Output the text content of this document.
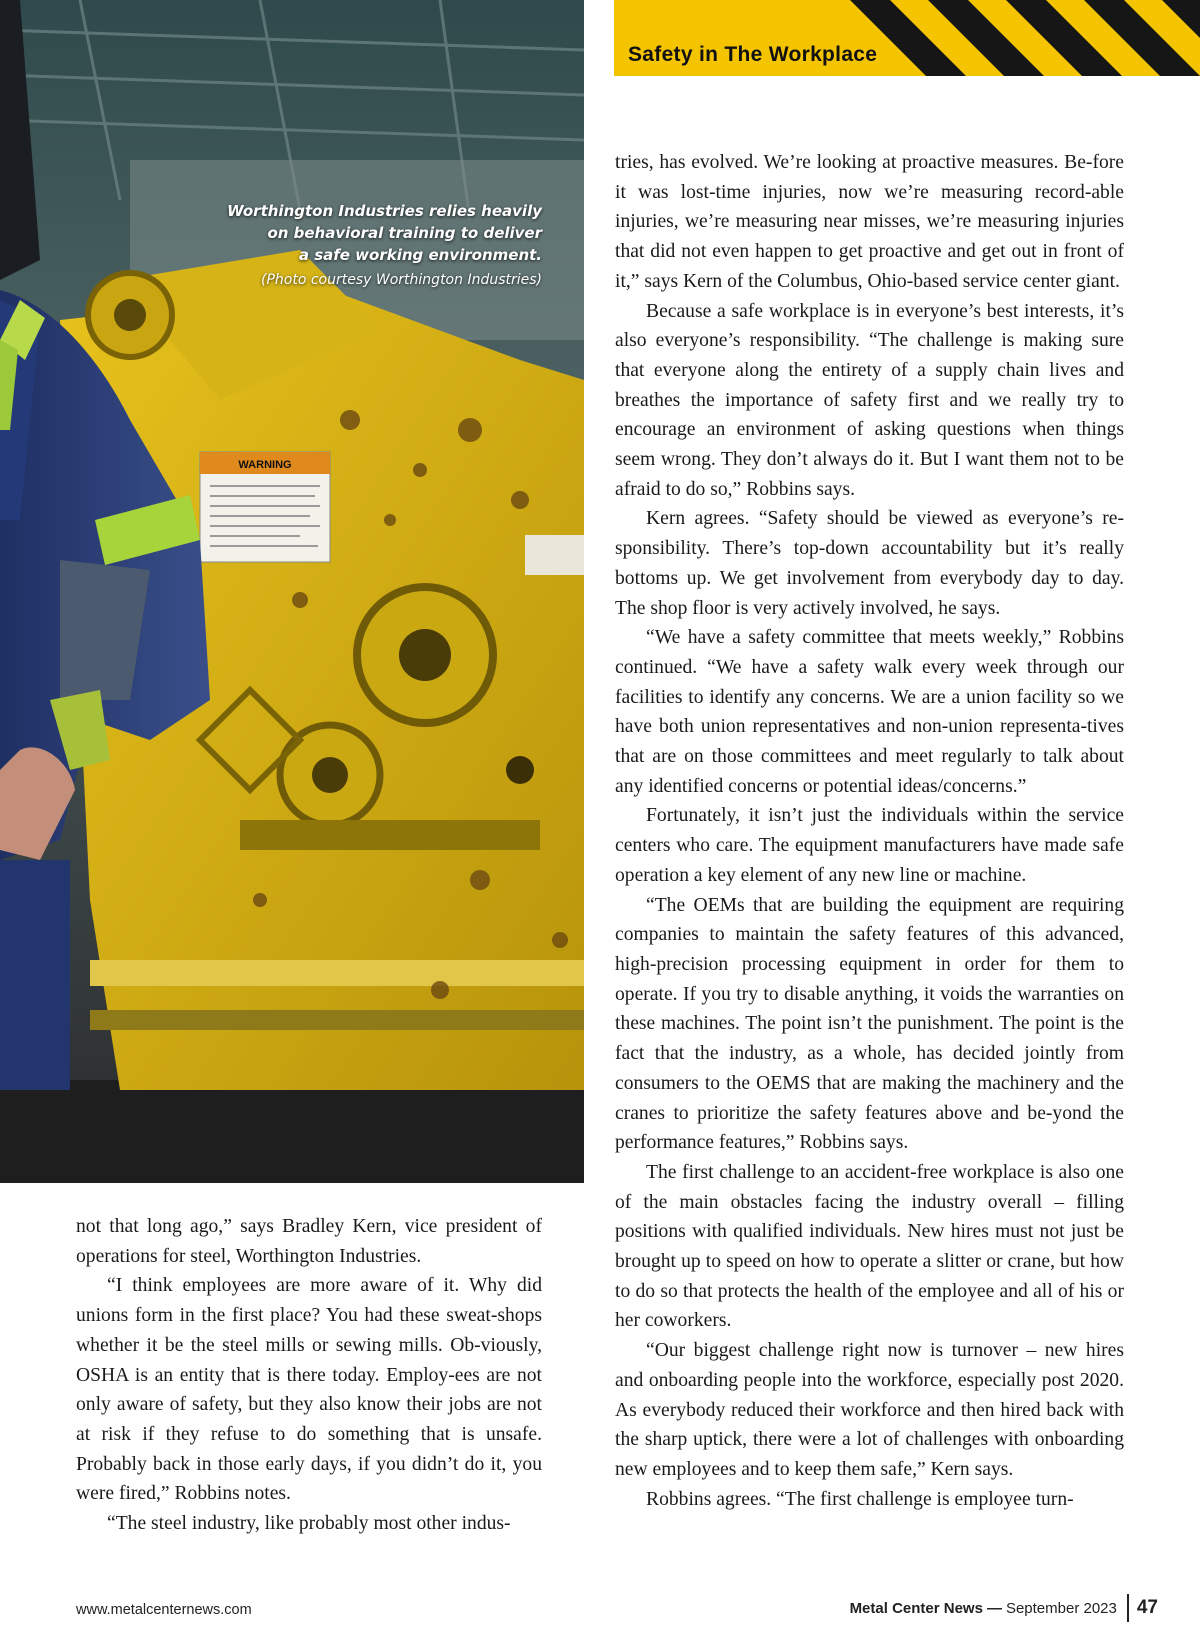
WARNING
Worthington Industries relies heavily
on behavioral training to deliver
a safe working environment.
(Photo courtesy Worthington Industries)
Safety in The Workplace

not that long ago,” says Bradley Kern, vice president of operations for steel, Worthington Industries.

“I think employees are more aware of it. Why did unions form in the first place? You had these sweat-shops whether it be the steel mills or sewing mills. Ob-viously, OSHA is an entity that is there today. Employ-ees are not only aware of safety, but they also know their jobs are not at risk if they refuse to do something that is unsafe. Probably back in those early days, if you didn’t do it, you were fired,” Robbins notes.

“The steel industry, like probably most other indus-

tries, has evolved. We’re looking at proactive measures. Be-fore it was lost-time injuries, now we’re measuring record-able injuries, we’re measuring near misses, we’re measuring injuries that did not even happen to get proactive and get out in front of it,” says Kern of the Columbus, Ohio-based service center giant.

Because a safe workplace is in everyone’s best interests, it’s also everyone’s responsibility. “The challenge is making sure that everyone along the entirety of a supply chain lives and breathes the importance of safety first and we really try to encourage an environment of asking questions when things seem wrong. They don’t always do it. But I want them not to be afraid to do so,” Robbins says.

Kern agrees. “Safety should be viewed as everyone’s re-sponsibility. There’s top-down accountability but it’s really bottoms up. We get involvement from everybody day to day. The shop floor is very actively involved, he says.

“We have a safety committee that meets weekly,” Robbins continued. “We have a safety walk every week through our facilities to identify any concerns. We are a union facility so we have both union representatives and non-union representa-tives that are on those committees and meet regularly to talk about any identified concerns or potential ideas/concerns.”

Fortunately, it isn’t just the individuals within the service centers who care. The equipment manufacturers have made safe operation a key element of any new line or machine.

“The OEMs that are building the equipment are requiring companies to maintain the safety features of this advanced, high-precision processing equipment in order for them to operate. If you try to disable anything, it voids the warranties on these machines. The point isn’t the punishment. The point is the fact that the industry, as a whole, has decided jointly from consumers to the OEMS that are making the machinery and the cranes to prioritize the safety features above and be-yond the performance features,” Robbins says.

The first challenge to an accident-free workplace is also one of the main obstacles facing the industry overall – filling positions with qualified individuals. New hires must not just be brought up to speed on how to operate a slitter or crane, but how to do so that protects the health of the employee and all of his or her coworkers.

“Our biggest challenge right now is turnover – new hires and onboarding people into the workforce, especially post 2020. As everybody reduced their workforce and then hired back with the sharp uptick, there were a lot of challenges with onboarding new employees and to keep them safe,” Kern says.

Robbins agrees. “The first challenge is employee turn-

www.metalcenternews.com	Metal Center News — September 2023 47
